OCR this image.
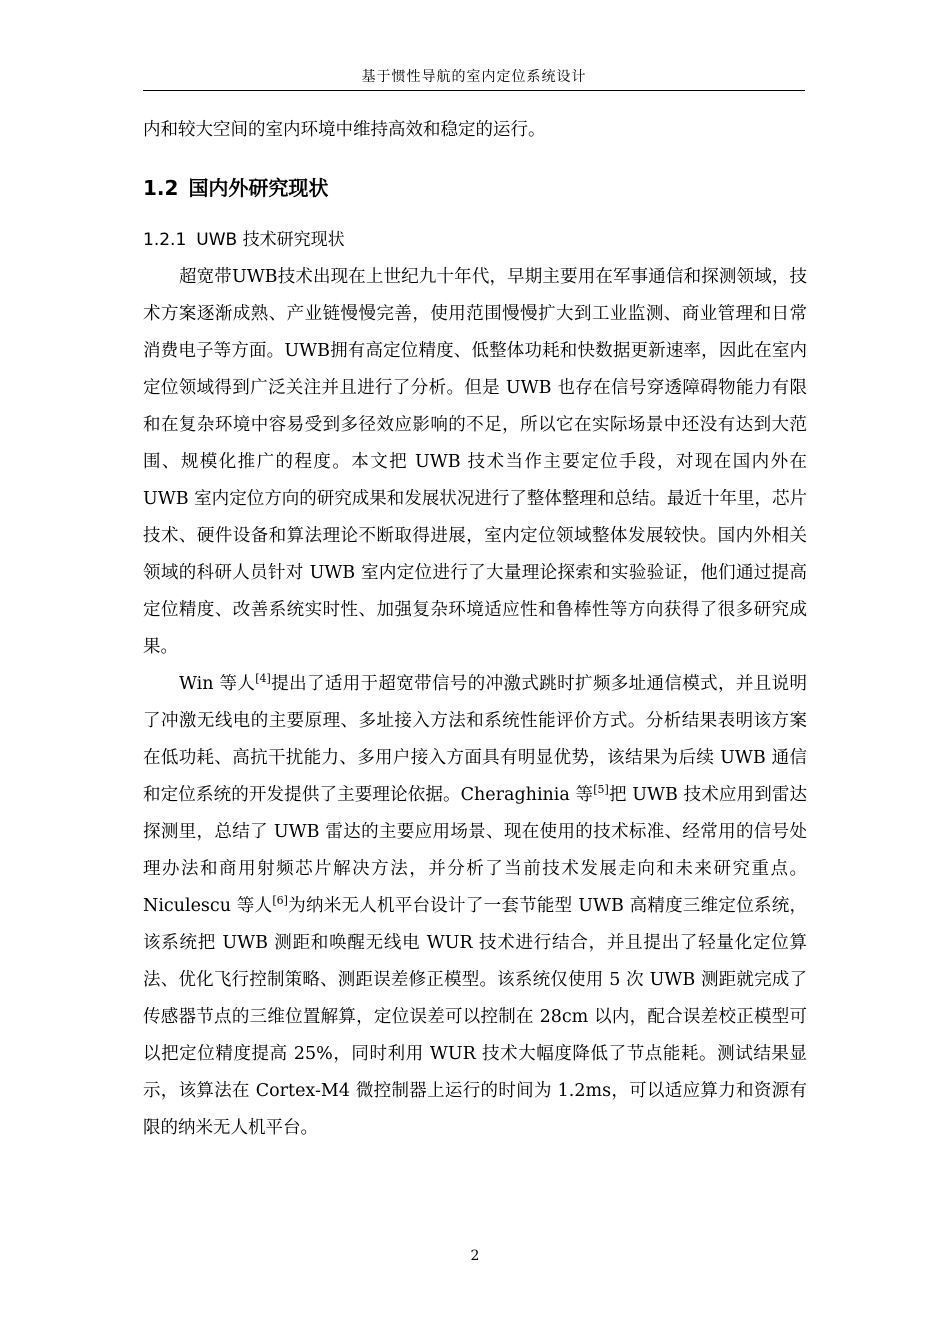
基于惯性导航的室内定位系统设计

内和较大空间的室内环境中维持高效和稳定的运行。

1.2 国内外研究现状
1.2.1 UWB 技术研究现状

超宽带UWB技术出现在上世纪九十年代，早期主要用在军事通信和探测领域，技术方案逐渐成熟、产业链慢慢完善，使用范围慢慢扩大到工业监测、商业管理和日常消费电子等方面。UWB拥有高定位精度、低整体功耗和快数据更新速率，因此在室内定位领域得到广泛关注并且进行了分析。但是 UWB 也存在信号穿透障碍物能力有限和在复杂环境中容易受到多径效应影响的不足，所以它在实际场景中还没有达到大范围、规模化推广的程度。本文把 UWB 技术当作主要定位手段，对现在国内外在 UWB 室内定位方向的研究成果和发展状况进行了整体整理和总结。最近十年里，芯片技术、硬件设备和算法理论不断取得进展，室内定位领域整体发展较快。国内外相关领域的科研人员针对 UWB 室内定位进行了大量理论探索和实验验证，他们通过提高定位精度、改善系统实时性、加强复杂环境适应性和鲁棒性等方向获得了很多研究成果。

Win 等人[4]提出了适用于超宽带信号的冲激式跳时扩频多址通信模式，并且说明了冲激无线电的主要原理、多址接入方法和系统性能评价方式。分析结果表明该方案在低功耗、高抗干扰能力、多用户接入方面具有明显优势，该结果为后续 UWB 通信和定位系统的开发提供了主要理论依据。Cheraghinia 等[5]把 UWB 技术应用到雷达探测里，总结了 UWB 雷达的主要应用场景、现在使用的技术标准、经常用的信号处理办法和商用射频芯片解决方法，并分析了当前技术发展走向和未来研究重点。Niculescu 等人[6]为纳米无人机平台设计了一套节能型 UWB 高精度三维定位系统，该系统把 UWB 测距和唤醒无线电 WUR 技术进行结合，并且提出了轻量化定位算法、优化飞行控制策略、测距误差修正模型。该系统仅使用 5 次 UWB 测距就完成了传感器节点的三维位置解算，定位误差可以控制在 28cm 以内，配合误差校正模型可以把定位精度提高 25%，同时利用 WUR 技术大幅度降低了节点能耗。测试结果显示，该算法在 Cortex-M4 微控制器上运行的时间为 1.2ms，可以适应算力和资源有限的纳米无人机平台。

2
